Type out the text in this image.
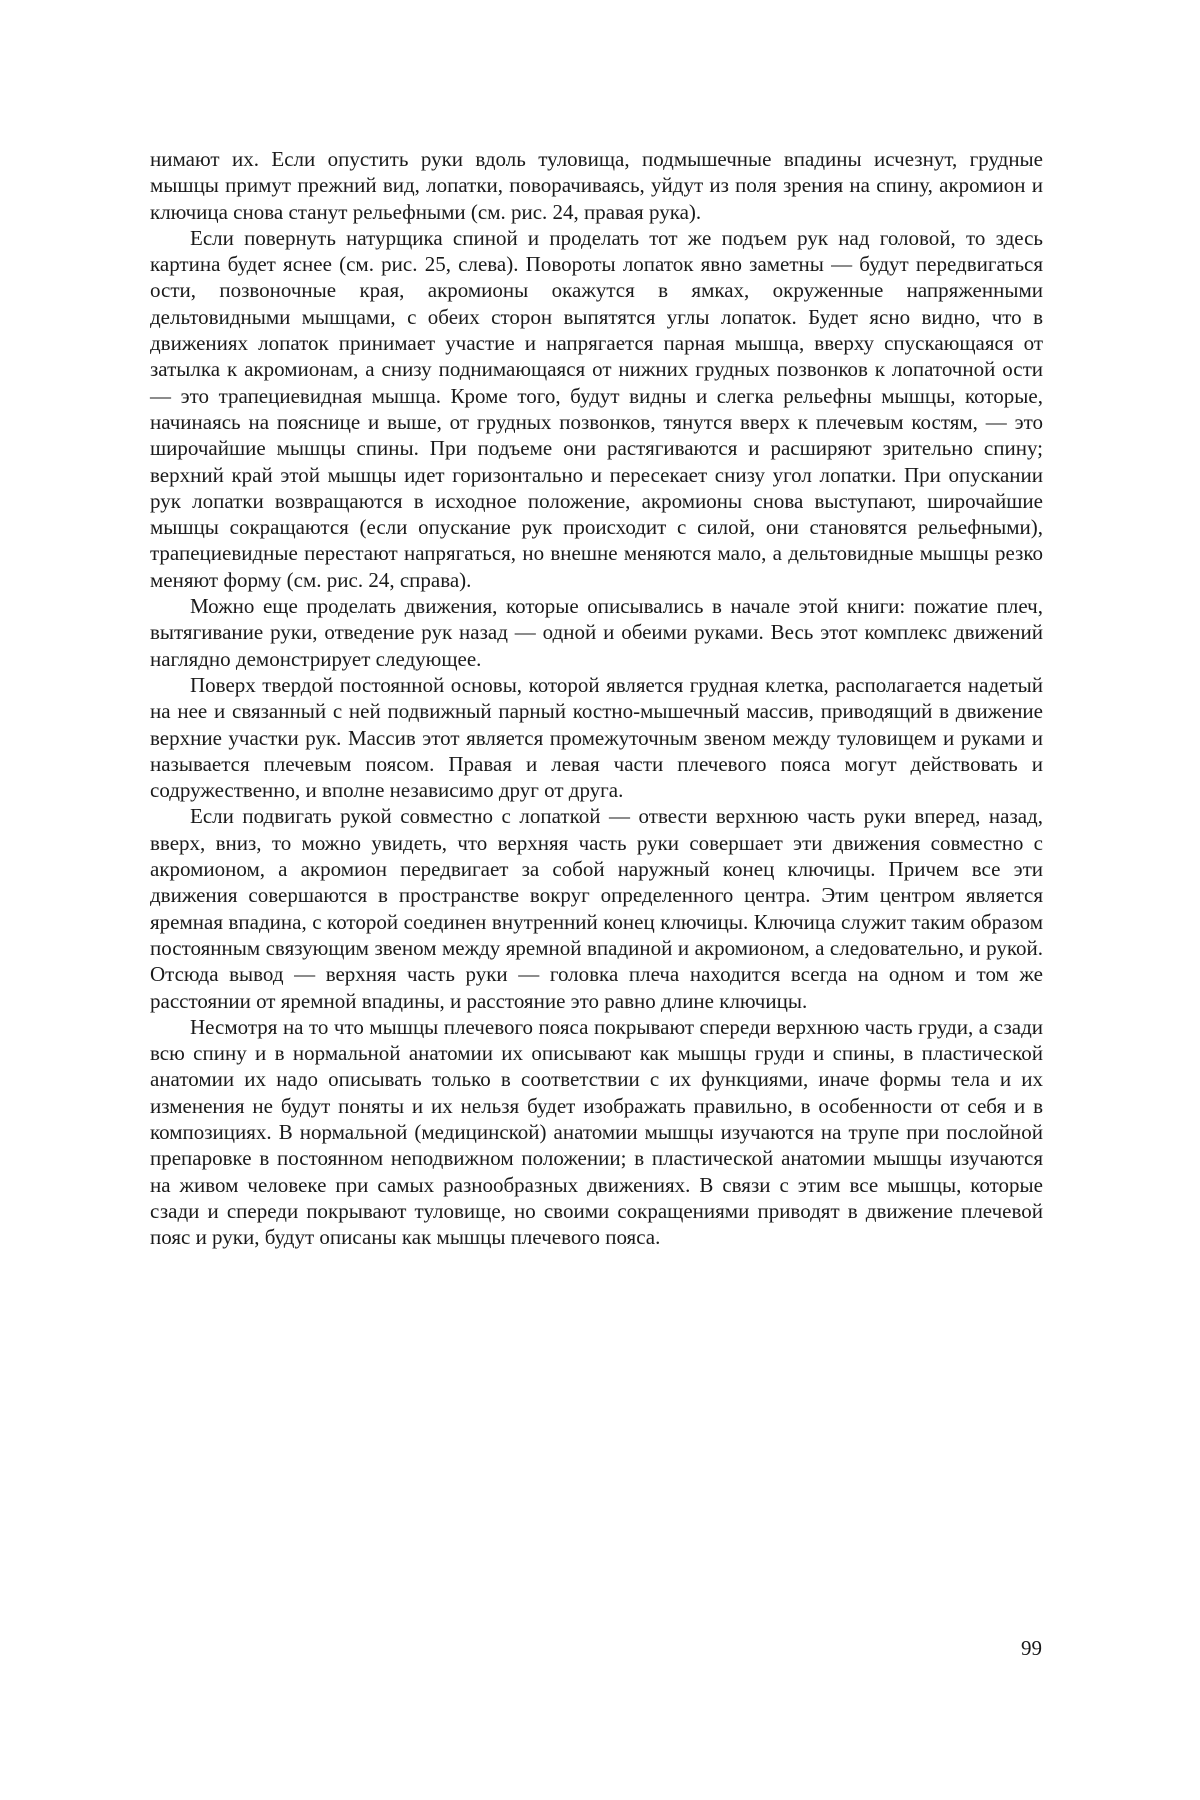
нимают их. Если опустить руки вдоль туловища, подмышечные впадины исчезнут, грудные мышцы примут прежний вид, лопатки, поворачиваясь, уйдут из поля зрения на спину, акромион и ключица снова станут рельефными (см. рис. 24, правая рука).

Если повернуть натурщика спиной и проделать тот же подъем рук над головой, то здесь картина будет яснее (см. рис. 25, слева). Повороты лопаток явно заметны — будут передвигаться ости, позвоночные края, акромионы окажутся в ямках, окруженные напряженными дельтовидными мышцами, с обеих сторон выпятятся углы лопаток. Будет ясно видно, что в движениях лопаток принимает участие и напрягается парная мышца, вверху спускающаяся от затылка к акромионам, а снизу поднимающаяся от нижних грудных позвонков к лопаточной ости — это трапециевидная мышца. Кроме того, будут видны и слегка рельефны мышцы, которые, начинаясь на пояснице и выше, от грудных позвонков, тянутся вверх к плечевым костям, — это широчайшие мышцы спины. При подъеме они растягиваются и расширяют зрительно спину; верхний край этой мышцы идет горизонтально и пересекает снизу угол лопатки. При опускании рук лопатки возвращаются в исходное положение, акромионы снова выступают, широчайшие мышцы сокращаются (если опускание рук происходит с силой, они становятся рельефными), трапециевидные перестают напрягаться, но внешне меняются мало, а дельтовидные мышцы резко меняют форму (см. рис. 24, справа).

Можно еще проделать движения, которые описывались в начале этой книги: пожатие плеч, вытягивание руки, отведение рук назад — одной и обеими руками. Весь этот комплекс движений наглядно демонстрирует следующее.

Поверх твердой постоянной основы, которой является грудная клетка, располагается надетый на нее и связанный с ней подвижный парный костно-мышечный массив, приводящий в движение верхние участки рук. Массив этот является промежуточным звеном между туловищем и руками и называется плечевым поясом. Правая и левая части плечевого пояса могут действовать и содружественно, и вполне независимо друг от друга.

Если подвигать рукой совместно с лопаткой — отвести верхнюю часть руки вперед, назад, вверх, вниз, то можно увидеть, что верхняя часть руки совершает эти движения совместно с акромионом, а акромион передвигает за собой наружный конец ключицы. Причем все эти движения совершаются в пространстве вокруг определенного центра. Этим центром является яремная впадина, с которой соединен внутренний конец ключицы. Ключица служит таким образом постоянным связующим звеном между яремной впадиной и акромионом, а следовательно, и рукой. Отсюда вывод — верхняя часть руки — головка плеча находится всегда на одном и том же расстоянии от яремной впадины, и расстояние это равно длине ключицы.

Несмотря на то что мышцы плечевого пояса покрывают спереди верхнюю часть груди, а сзади всю спину и в нормальной анатомии их описывают как мышцы груди и спины, в пластической анатомии их надо описывать только в соответствии с их функциями, иначе формы тела и их изменения не будут поняты и их нельзя будет изображать правильно, в особенности от себя и в композициях. В нормальной (медицинской) анатомии мышцы изучаются на трупе при послойной препаровке в постоянном неподвижном положении; в пластической анатомии мышцы изучаются на живом человеке при самых разнообразных движениях. В связи с этим все мышцы, которые сзади и спереди покрывают туловище, но своими сокращениями приводят в движение плечевой пояс и руки, будут описаны как мышцы плечевого пояса.

99
